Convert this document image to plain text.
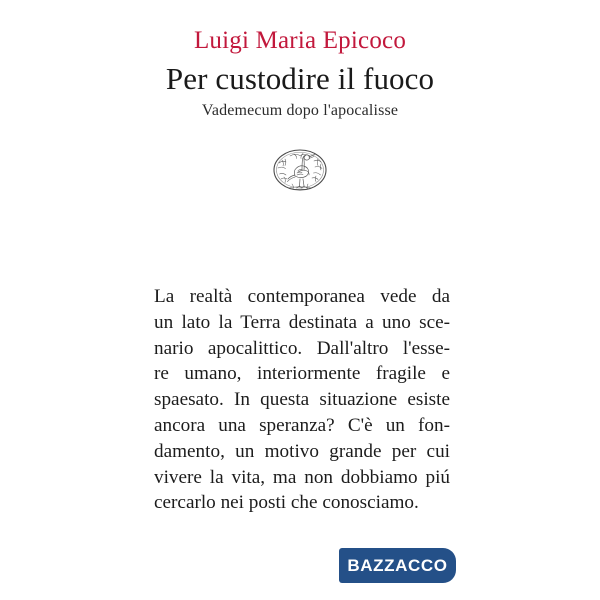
Luigi Maria Epicoco
Per custodire il fuoco
Vademecum dopo l'apocalisse
La realtà contemporanea vede da
un lato la Terra destinata a uno sce-
nario apocalittico. Dall'altro l'esse-
re umano, interiormente fragile e
spaesato. In questa situazione esiste
ancora una speranza? C'è un fon-
damento, un motivo grande per cui
vivere la vita, ma non dobbiamo piú
cercarlo nei posti che conosciamo.
BAZZACCO
